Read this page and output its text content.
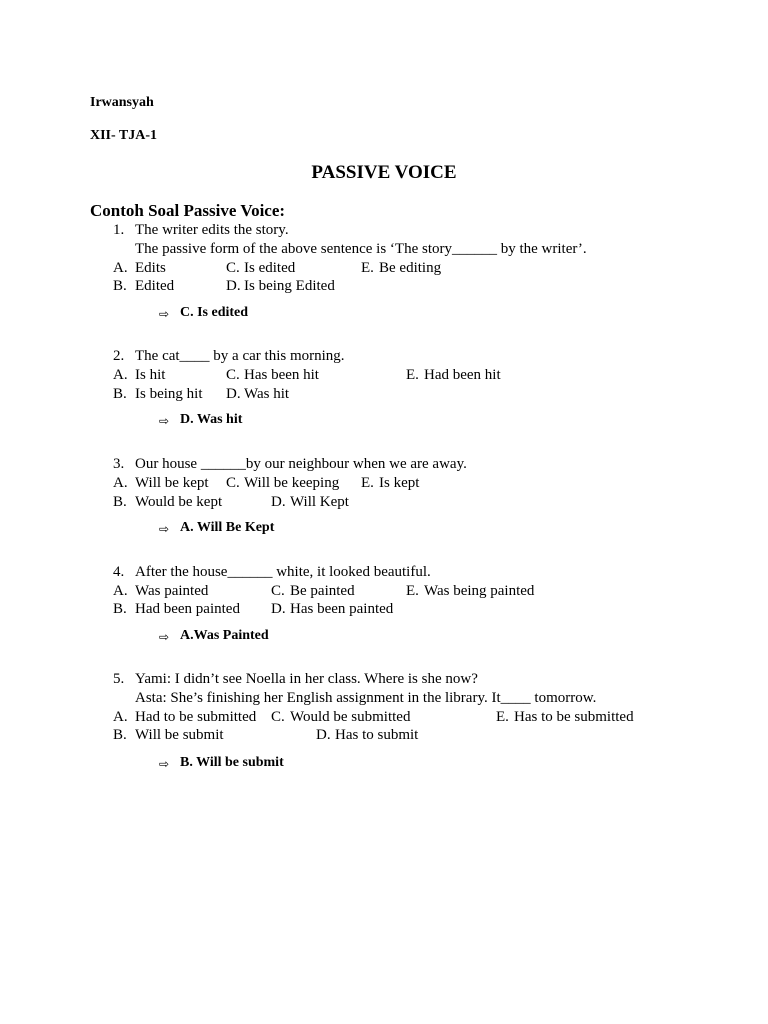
Irwansyah
XII- TJA-1
PASSIVE VOICE
Contoh Soal Passive Voice:
1. The writer edits the story.
The passive form of the above sentence is ‘The story______ by the writer’.
A. Edits	C. Is edited	E. Be editing
B. Edited	D. Is being Edited
⇨ C. Is edited
2. The cat____ by a car this morning.
A. Is hit	C. Has been hit	E. Had been hit
B. Is being hit D. Was hit
⇨ D. Was hit
3. Our house ______by our neighbour when we are away.
A. Will be kept C. Will be keeping E. Is kept
B. Would be kept	D. Will Kept
⇨ A. Will Be Kept
4. After the house______ white, it looked beautiful.
A. Was painted	C. Be painted	E. Was being painted
B. Had been painted D. Has been painted
⇨ A.Was Painted
5. Yami: I didn’t see Noella in her class. Where is she now?
Asta: She’s finishing her English assignment in the library. It____ tomorrow.
A. Had to be submitted C. Would be submitted	E. Has to be submitted
B. Will be submit	D. Has to submit
⇨ B. Will be submit
